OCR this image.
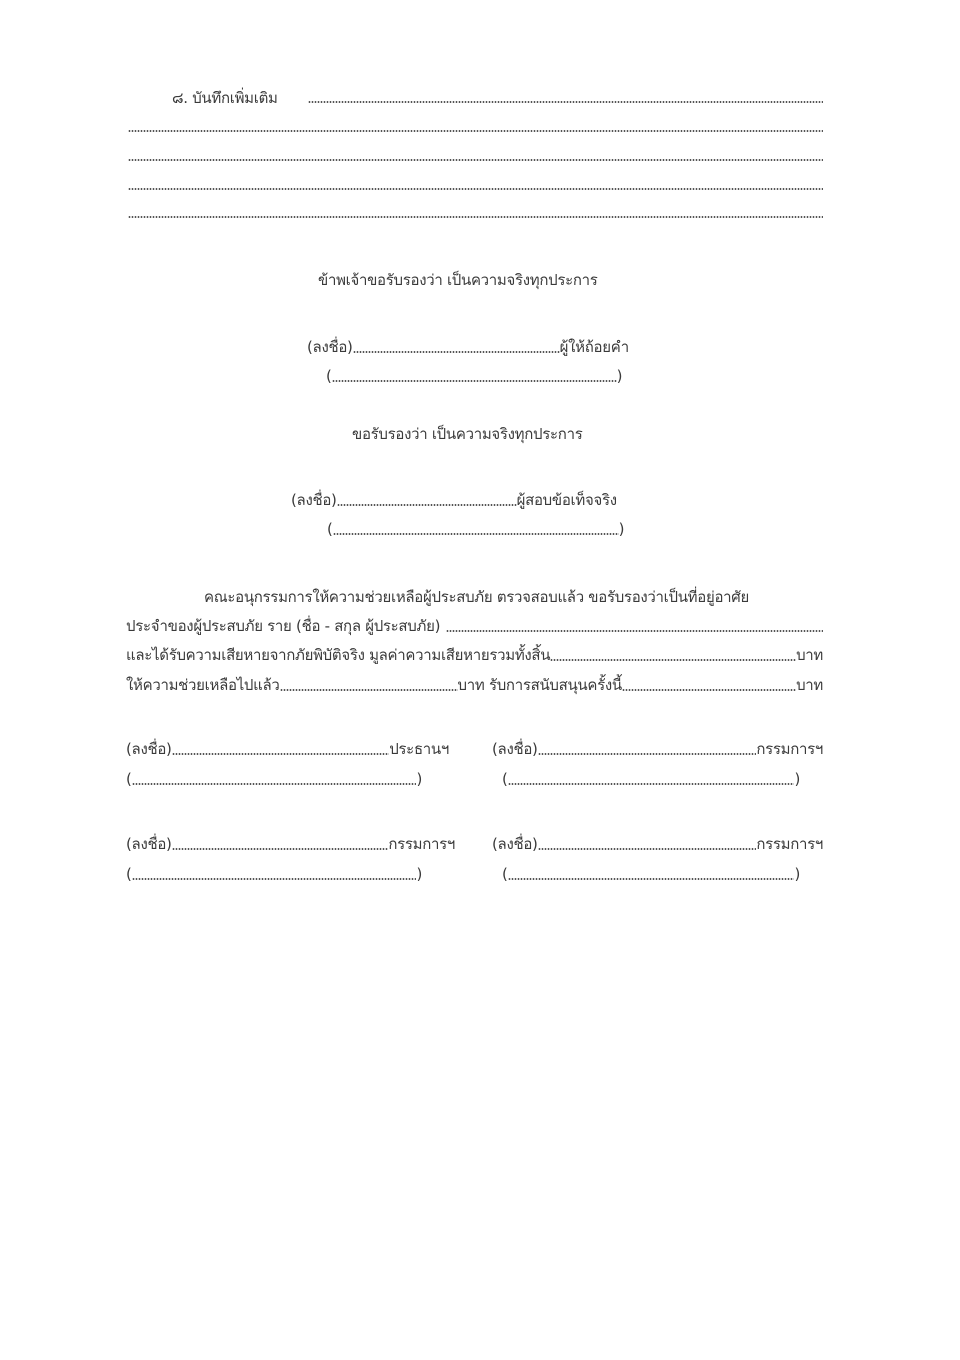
๘. บันทึกเพิ่มเติม
ข้าพเจ้าขอรับรองว่า เป็นความจริงทุกประการ
(ลงชื่อ)	ผู้ให้ถ้อยคำ
(	)
ขอรับรองว่า เป็นความจริงทุกประการ
(ลงชื่อ)	ผู้สอบข้อเท็จจริง
(	)
คณะอนุกรรมการให้ความช่วยเหลือผู้ประสบภัย ตรวจสอบแล้ว ขอรับรองว่าเป็นที่อยู่อาศัย
ประจำของผู้ประสบภัย ราย (ชื่อ - สกุล ผู้ประสบภัย)
และได้รับความเสียหายจากภัยพิบัติจริง มูลค่าความเสียหายรวมทั้งสิ้น	บาท
ให้ความช่วยเหลือไปแล้ว	บาท รับการสนับสนุนครั้งนี้	บาท
(ลงชื่อ)	ประธานฯ
(	)
(ลงชื่อ)	กรรมการฯ
(	)
(ลงชื่อ)	กรรมการฯ
(	)
(ลงชื่อ)	กรรมการฯ
(	)
